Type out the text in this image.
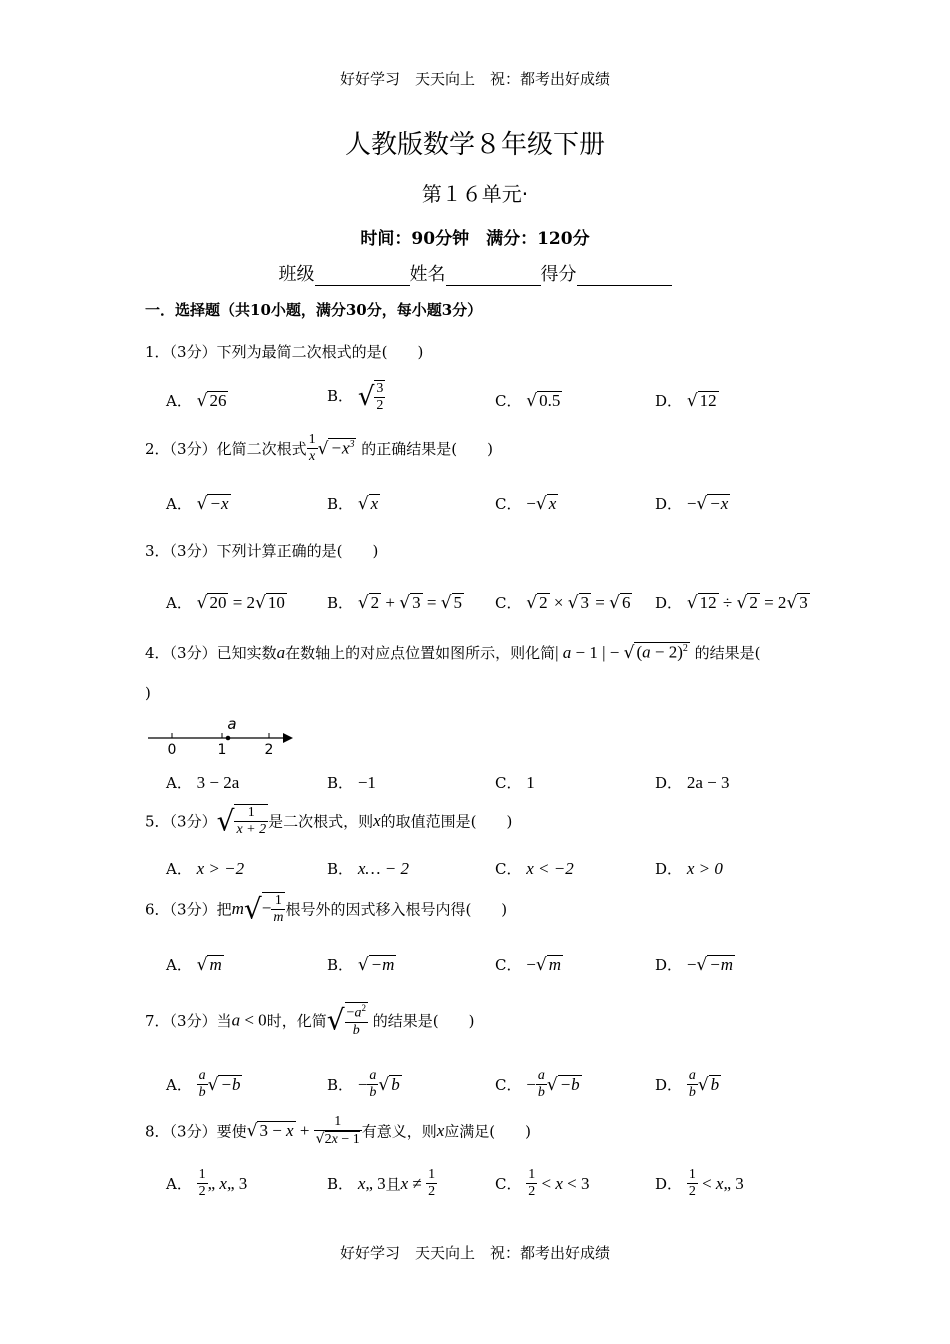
好好学习　天天向上　祝：都考出好成绩
人教版数学８年级下册
第１６单元·
时间：90分钟　满分：120分
班级	姓名	得分
一．选择题（共10小题，满分30分，每小题3分）
1．（3分）下列为最简二次根式的是(　　)
A． √ 26	B． √ $\frac{3}{2}$	C． √ 0.5	D． √ 12
2．（3分）化简二次根式 $\frac{1}{x}$ √ $-x^3$ 的正确结果是(　　)
A． √ −x	B． √ x	C． −√ x	D． −√ −x
3．（3分）下列计算正确的是(　　)
A． √ 20 = 2√ 10	B． √ 2 + √ 3 = √ 5 C． √ 2 × √ 3 = √ 6 D． √ 12 ÷ √ 2 = 2√ 3
4．（3分）已知实数a在数轴上的对应点位置如图所示，则化简| a − 1 | − √ $(a - 2)^2$ 的结果是(
)
0	1	2
a
A． 3 − 2a	B． −1	C． 1	D． 2a − 3
5．（3分）√ $\frac{1}{x + 2}$ 是二次根式，则x的取值范围是(　　)
A． x > −2	B． x… − 2	C． x < −2	D． x > 0
6．（3分）把$m√- \frac{1}{m}$ 根号外的因式移入根号内得(　　)
A． √ m	B． √ −m	C． −√ m	D． −√ −m
7．（3分）当a < 0时，化简√ $\frac{-a^2}{b}$ 的结果是(　　)
A． $\frac{a}{b}$ √ −b	B． − $\frac{a}{b}$ √ b	C． − $\frac{a}{b}$ √ −b	D． $\frac{a}{b}$ √ b
8．（3分）要使√ $3 - x + \frac{1}{√2x - 1}$ 有意义，则x应满足(　　)
A． $\frac{1}{2}$ „ x„ 3	B． x„ 3且$x \ne \frac{1}{2}$	C． $\frac{1}{2} < x < 3$	D． $\frac{1}{2}$ < x„ 3
好好学习　天天向上　祝：都考出好成绩
